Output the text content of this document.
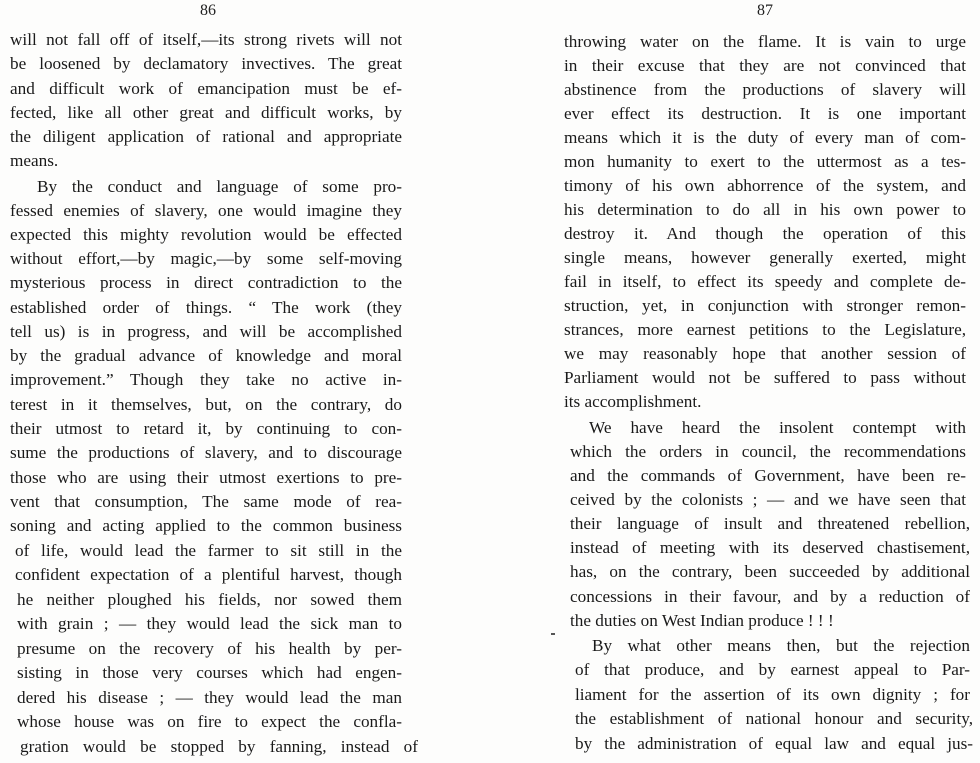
86
will not fall off of itself,—its strong rivets will not
be loosened by declamatory invectives. The great
and difficult work of emancipation must be ef-
fected, like all other great and difficult works, by
the diligent application of rational and appropriate
means.
By the conduct and language of some pro-
fessed enemies of slavery, one would imagine they
expected this mighty revolution would be effected
without effort,—by magic,—by some self-moving
mysterious process in direct contradiction to the
established order of things. “ The work (they
tell us) is in progress, and will be accomplished
by the gradual advance of knowledge and moral
improvement.” Though they take no active in-
terest in it themselves, but, on the contrary, do
their utmost to retard it, by continuing to con-
sume the productions of slavery, and to discourage
those who are using their utmost exertions to pre-
vent that consumption, The same mode of rea-
soning and acting applied to the common business
of life, would lead the farmer to sit still in the
confident expectation of a plentiful harvest, though
he neither ploughed his fields, nor sowed them
with grain ; — they would lead the sick man to
presume on the recovery of his health by per-
sisting in those very courses which had engen-
dered his disease ; — they would lead the man
whose house was on fire to expect the confla-
gration would be stopped by fanning, instead of
87
throwing water on the flame. It is vain to urge
in their excuse that they are not convinced that
abstinence from the productions of slavery will
ever effect its destruction. It is one important
means which it is the duty of every man of com-
mon humanity to exert to the uttermost as a tes-
timony of his own abhorrence of the system, and
his determination to do all in his own power to
destroy it. And though the operation of this
single means, however generally exerted, might
fail in itself, to effect its speedy and complete de-
struction, yet, in conjunction with stronger remon-
strances, more earnest petitions to the Legislature,
we may reasonably hope that another session of
Parliament would not be suffered to pass without
its accomplishment.
We have heard the insolent contempt with
which the orders in council, the recommendations
and the commands of Government, have been re-
ceived by the colonists ; — and we have seen that
their language of insult and threatened rebellion,
instead of meeting with its deserved chastisement,
has, on the contrary, been succeeded by additional
concessions in their favour, and by a reduction of
the duties on West Indian produce ! ! !
By what other means then, but the rejection
of that produce, and by earnest appeal to Par-
liament for the assertion of its own dignity ; for
the establishment of national honour and security,
by the administration of equal law and equal jus-
